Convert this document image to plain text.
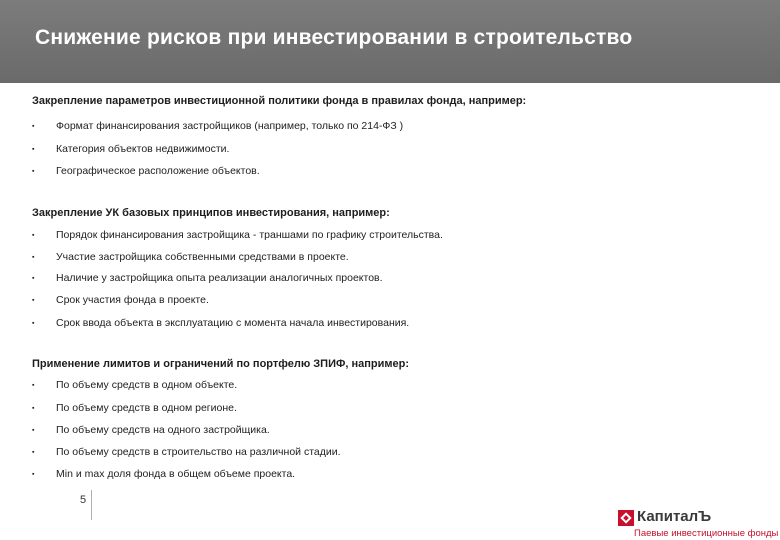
Снижение рисков при инвестировании в строительство
Закрепление параметров инвестиционной политики фонда в правилах фонда, например:
▪ Формат финансирования застройщиков (например, только по 214-ФЗ )
▪ Категория объектов недвижимости.
▪ Географическое расположение объектов.
Закрепление УК базовых принципов инвестирования, например:
▪ Порядок финансирования застройщика - траншами по графику строительства.
▪ Участие застройщика собственными средствами в проекте.
▪ Наличие у застройщика опыта реализации аналогичных проектов.
▪ Срок участия фонда в проекте.
▪ Срок ввода объекта в эксплуатацию с момента начала инвестирования.
Применение лимитов и ограничений по портфелю ЗПИФ, например:
▪ По объему средств в одном объекте.
▪ По объему средств в одном регионе.
▪ По объему средств на одного застройщика.
▪ По объему средств в строительство на различной стадии.
▪ Min и max доля фонда в общем объеме проекта.
5
КапиталЪ
Паевые инвестиционные фонды
